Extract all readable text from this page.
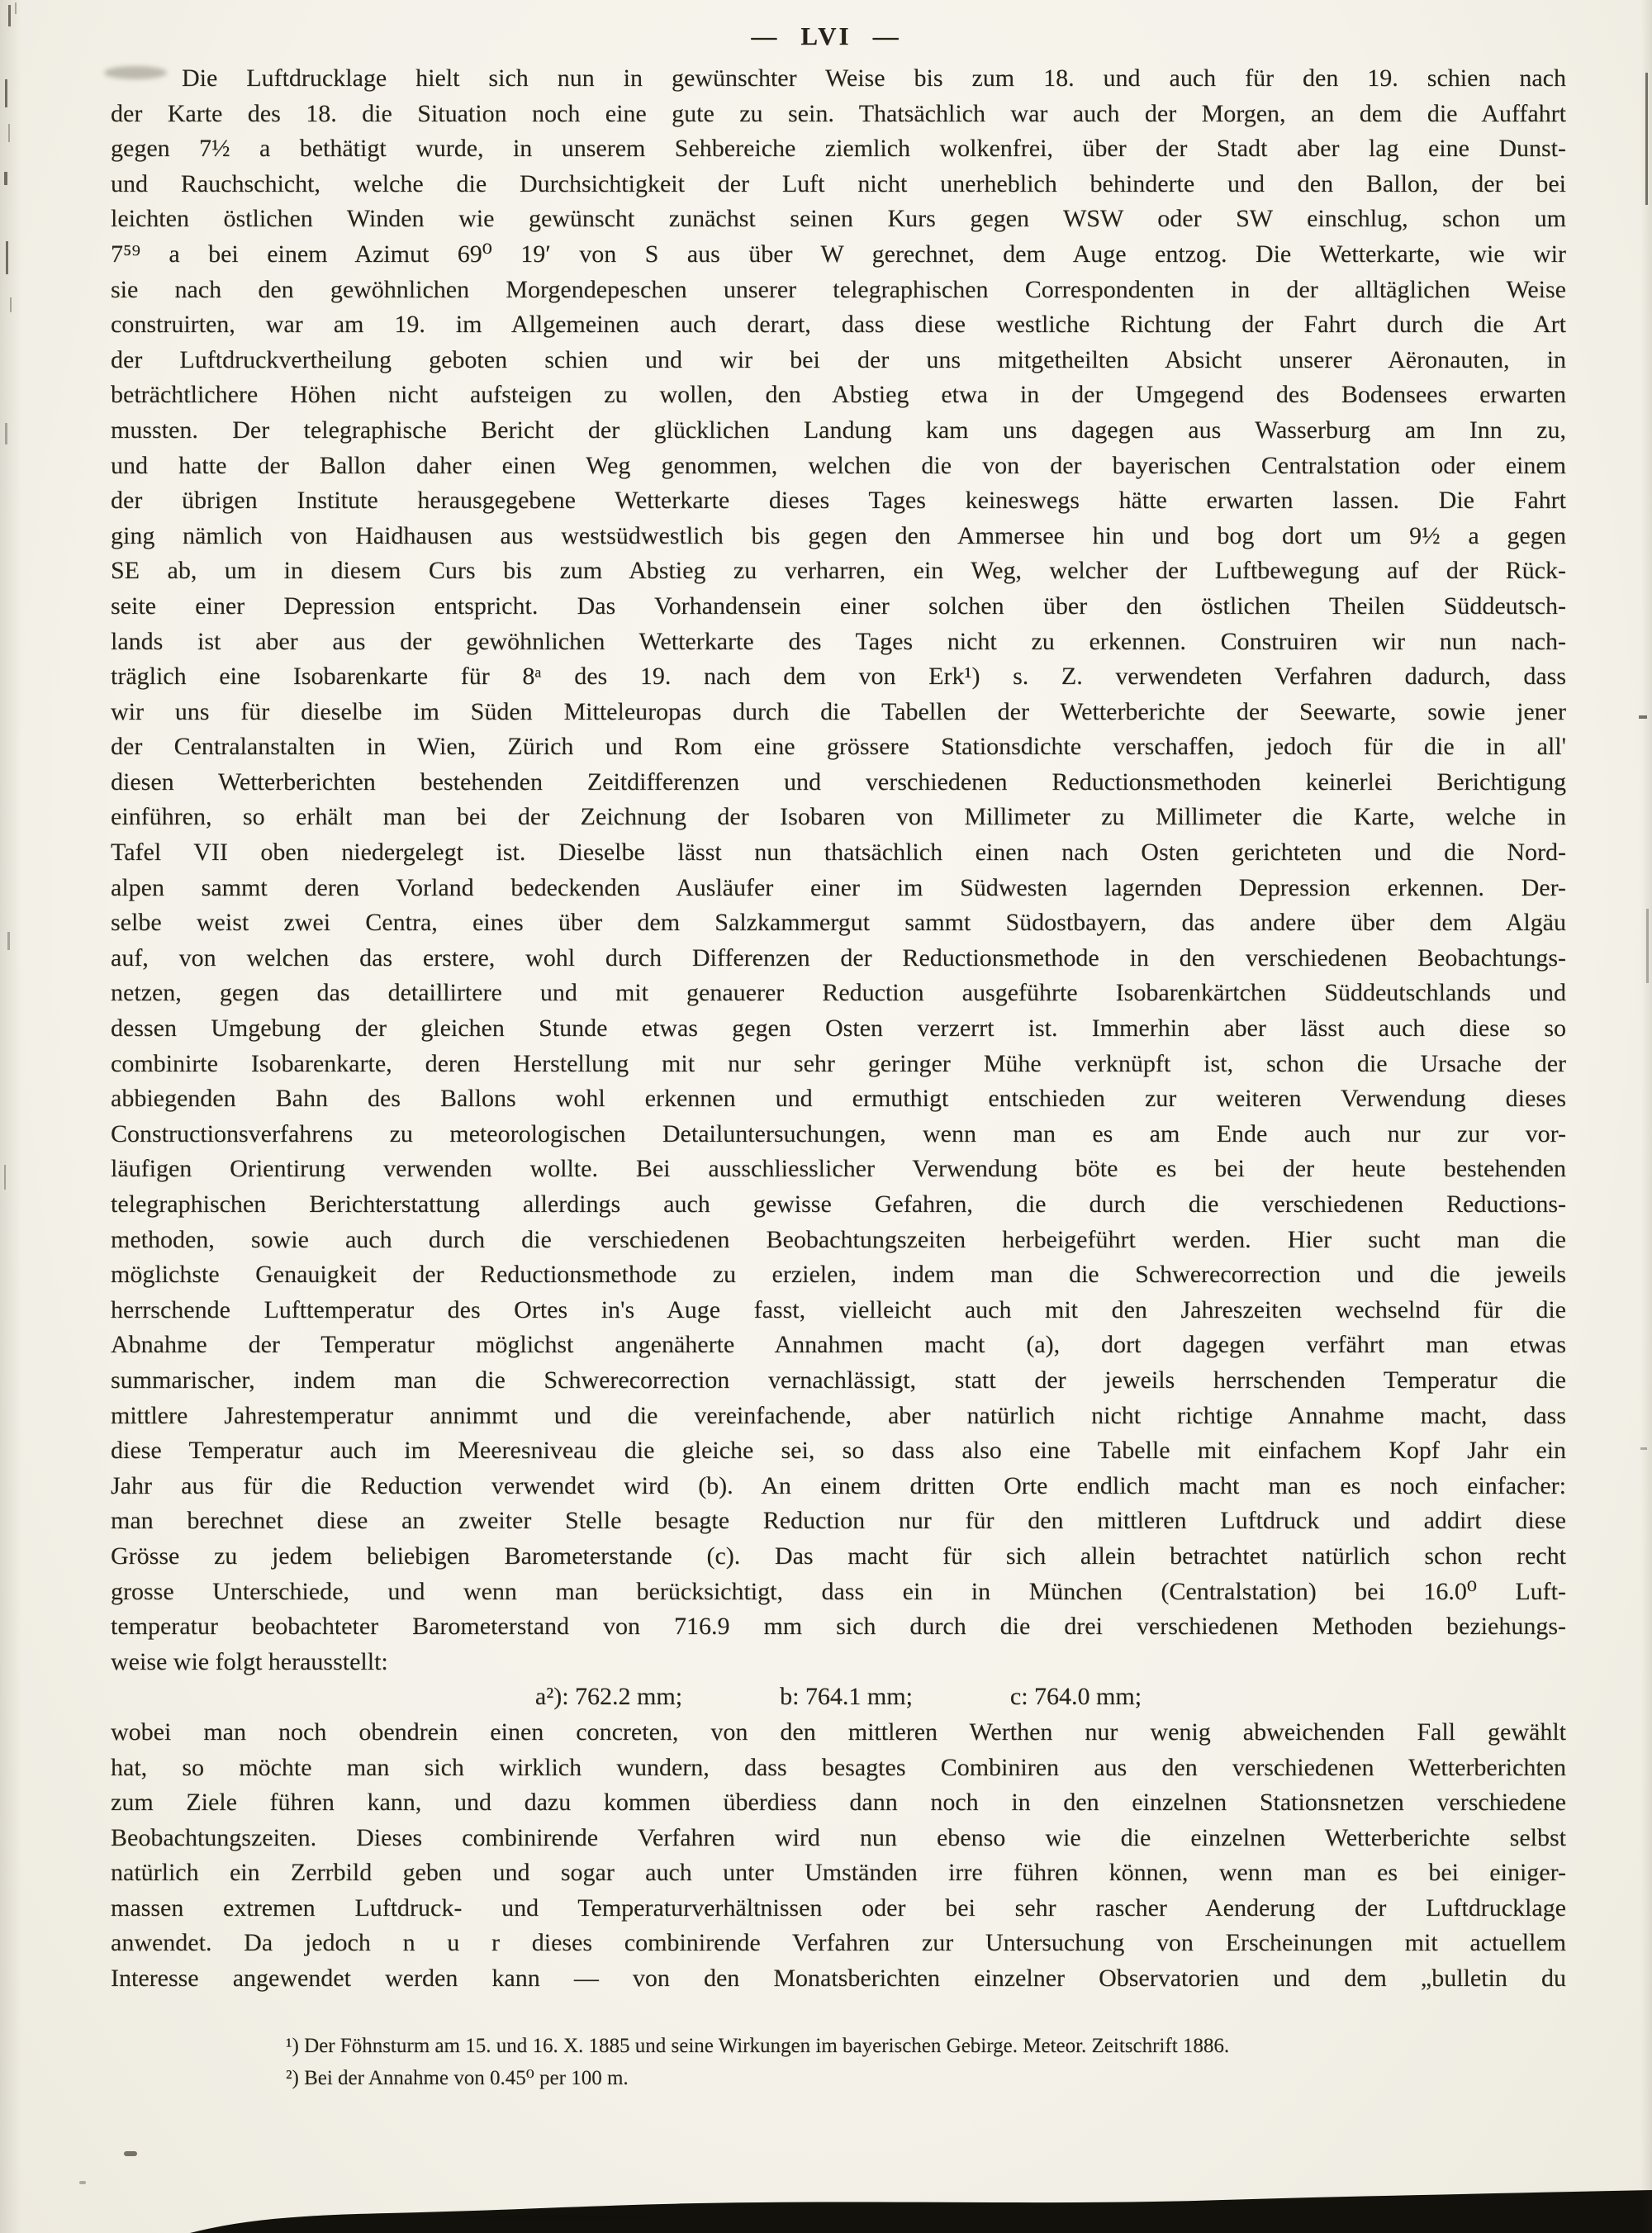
— LVI —
Die Luftdrucklage hielt sich nun in gewünschter Weise bis zum 18. und auch für den 19. schien nach
der Karte des 18. die Situation noch eine gute zu sein. Thatsächlich war auch der Morgen, an dem die Auffahrt
gegen 7½ a bethätigt wurde, in unserem Sehbereiche ziemlich wolkenfrei, über der Stadt aber lag eine Dunst-
und Rauchschicht, welche die Durchsichtigkeit der Luft nicht unerheblich behinderte und den Ballon, der bei
leichten östlichen Winden wie gewünscht zunächst seinen Kurs gegen WSW oder SW einschlug, schon um
7⁵⁹ a bei einem Azimut 69⁰ 19′ von S aus über W gerechnet, dem Auge entzog. Die Wetterkarte, wie wir
sie nach den gewöhnlichen Morgendepeschen unserer telegraphischen Correspondenten in der alltäglichen Weise
construirten, war am 19. im Allgemeinen auch derart, dass diese westliche Richtung der Fahrt durch die Art
der Luftdruckvertheilung geboten schien und wir bei der uns mitgetheilten Absicht unserer Aëronauten, in
beträchtlichere Höhen nicht aufsteigen zu wollen, den Abstieg etwa in der Umgegend des Bodensees erwarten
mussten. Der telegraphische Bericht der glücklichen Landung kam uns dagegen aus Wasserburg am Inn zu,
und hatte der Ballon daher einen Weg genommen, welchen die von der bayerischen Centralstation oder einem
der übrigen Institute herausgegebene Wetterkarte dieses Tages keineswegs hätte erwarten lassen. Die Fahrt
ging nämlich von Haidhausen aus westsüdwestlich bis gegen den Ammersee hin und bog dort um 9½ a gegen
SE ab, um in diesem Curs bis zum Abstieg zu verharren, ein Weg, welcher der Luftbewegung auf der Rück-
seite einer Depression entspricht. Das Vorhandensein einer solchen über den östlichen Theilen Süddeutsch-
lands ist aber aus der gewöhnlichen Wetterkarte des Tages nicht zu erkennen. Construiren wir nun nach-
träglich eine Isobarenkarte für 8ᵃ des 19. nach dem von Erk¹) s. Z. verwendeten Verfahren dadurch, dass
wir uns für dieselbe im Süden Mitteleuropas durch die Tabellen der Wetterberichte der Seewarte, sowie jener
der Centralanstalten in Wien, Zürich und Rom eine grössere Stationsdichte verschaffen, jedoch für die in all'
diesen Wetterberichten bestehenden Zeitdifferenzen und verschiedenen Reductionsmethoden keinerlei Berichtigung
einführen, so erhält man bei der Zeichnung der Isobaren von Millimeter zu Millimeter die Karte, welche in
Tafel VII oben niedergelegt ist. Dieselbe lässt nun thatsächlich einen nach Osten gerichteten und die Nord-
alpen sammt deren Vorland bedeckenden Ausläufer einer im Südwesten lagernden Depression erkennen. Der-
selbe weist zwei Centra, eines über dem Salzkammergut sammt Südostbayern, das andere über dem Algäu
auf, von welchen das erstere, wohl durch Differenzen der Reductionsmethode in den verschiedenen Beobachtungs-
netzen, gegen das detaillirtere und mit genauerer Reduction ausgeführte Isobarenkärtchen Süddeutschlands und
dessen Umgebung der gleichen Stunde etwas gegen Osten verzerrt ist. Immerhin aber lässt auch diese so
combinirte Isobarenkarte, deren Herstellung mit nur sehr geringer Mühe verknüpft ist, schon die Ursache der
abbiegenden Bahn des Ballons wohl erkennen und ermuthigt entschieden zur weiteren Verwendung dieses
Constructionsverfahrens zu meteorologischen Detailuntersuchungen, wenn man es am Ende auch nur zur vor-
läufigen Orientirung verwenden wollte. Bei ausschliesslicher Verwendung böte es bei der heute bestehenden
telegraphischen Berichterstattung allerdings auch gewisse Gefahren, die durch die verschiedenen Reductions-
methoden, sowie auch durch die verschiedenen Beobachtungszeiten herbeigeführt werden. Hier sucht man die
möglichste Genauigkeit der Reductionsmethode zu erzielen, indem man die Schwerecorrection und die jeweils
herrschende Lufttemperatur des Ortes in's Auge fasst, vielleicht auch mit den Jahreszeiten wechselnd für die
Abnahme der Temperatur möglichst angenäherte Annahmen macht (a), dort dagegen verfährt man etwas
summarischer, indem man die Schwerecorrection vernachlässigt, statt der jeweils herrschenden Temperatur die
mittlere Jahrestemperatur annimmt und die vereinfachende, aber natürlich nicht richtige Annahme macht, dass
diese Temperatur auch im Meeresniveau die gleiche sei, so dass also eine Tabelle mit einfachem Kopf Jahr ein
Jahr aus für die Reduction verwendet wird (b). An einem dritten Orte endlich macht man es noch einfacher:
man berechnet diese an zweiter Stelle besagte Reduction nur für den mittleren Luftdruck und addirt diese
Grösse zu jedem beliebigen Barometerstande (c). Das macht für sich allein betrachtet natürlich schon recht
grosse Unterschiede, und wenn man berücksichtigt, dass ein in München (Centralstation) bei 16.0⁰ Luft-
temperatur beobachteter Barometerstand von 716.9 mm sich durch die drei verschiedenen Methoden beziehungs-
weise wie folgt herausstellt:
a²): 762.2 mm;	b: 764.1 mm;	c: 764.0 mm;
wobei man noch obendrein einen concreten, von den mittleren Werthen nur wenig abweichenden Fall gewählt
hat, so möchte man sich wirklich wundern, dass besagtes Combiniren aus den verschiedenen Wetterberichten
zum Ziele führen kann, und dazu kommen überdiess dann noch in den einzelnen Stationsnetzen verschiedene
Beobachtungszeiten. Dieses combinirende Verfahren wird nun ebenso wie die einzelnen Wetterberichte selbst
natürlich ein Zerrbild geben und sogar auch unter Umständen irre führen können, wenn man es bei einiger-
massen extremen Luftdruck- und Temperaturverhältnissen oder bei sehr rascher Aenderung der Luftdrucklage
anwendet. Da jedoch n u r dieses combinirende Verfahren zur Untersuchung von Erscheinungen mit actuellem
Interesse angewendet werden kann — von den Monatsberichten einzelner Observatorien und dem „bulletin du
¹) Der Föhnsturm am 15. und 16. X. 1885 und seine Wirkungen im bayerischen Gebirge. Meteor. Zeitschrift 1886.
²) Bei der Annahme von 0.45⁰ per 100 m.
